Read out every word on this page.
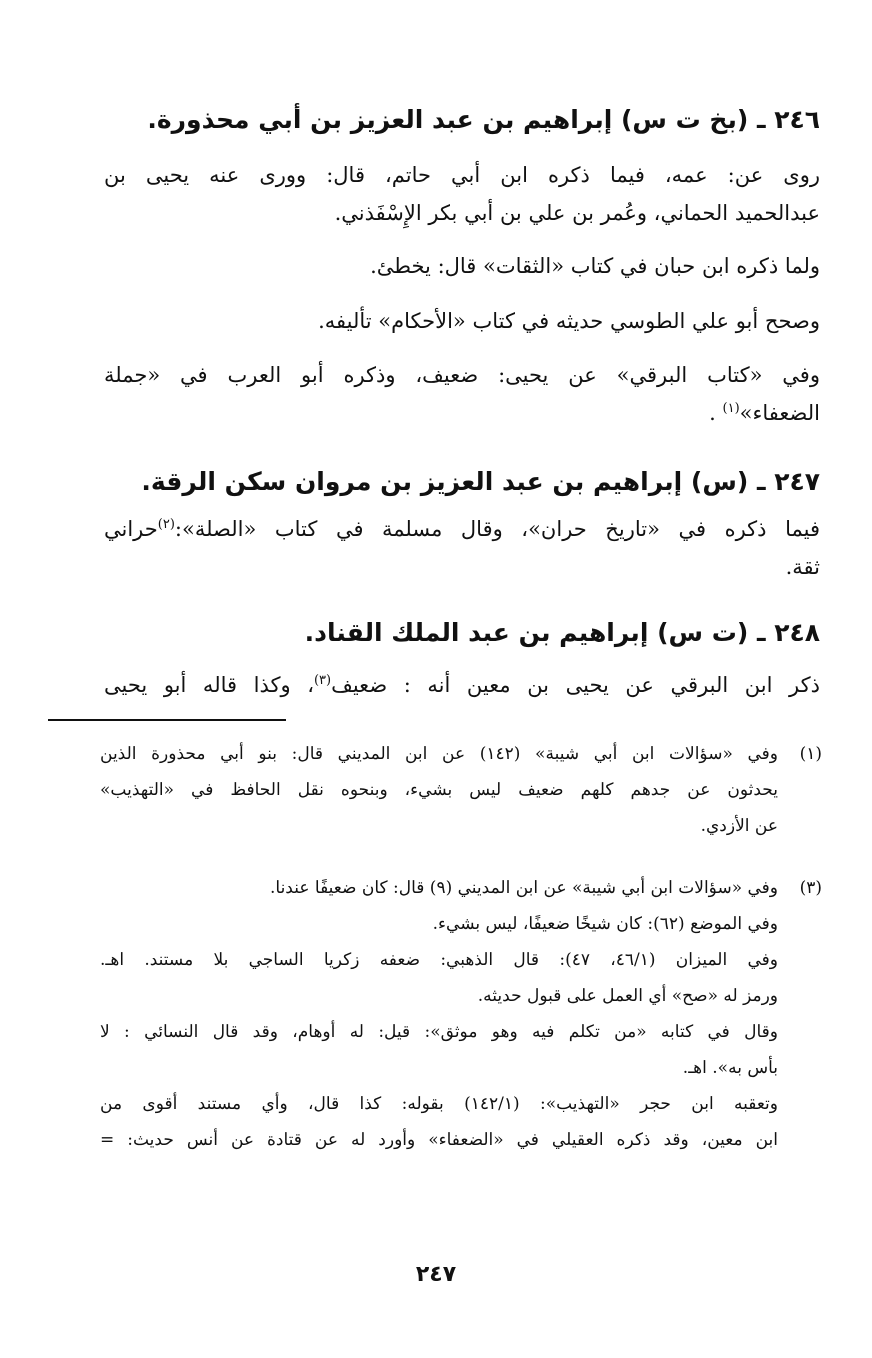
٢٤٦ ـ (بخ ت س) إبراهيم بن عبد العزيز بن أبي محذورة.
روى عن: عمه، فيما ذكره ابن أبي حاتم، قال: وورى عنه يحيى بن
عبدالحميد الحماني، وعُمر بن علي بن أبي بكر الإِسْفَذني.
ولما ذكره ابن حبان في كتاب «الثقات» قال: يخطئ.
وصحح أبو علي الطوسي حديثه في كتاب «الأحكام» تأليفه.
وفي «كتاب البرقي» عن يحيى: ضعيف، وذكره أبو العرب في «جملة
الضعفاء»$^{(١)}$ .
٢٤٧ ـ (س) إبراهيم بن عبد العزيز بن مروان سكن الرقة.
فيما ذكره في «تاريخ حران»، وقال مسلمة في كتاب «الصلة»:$^{(٢)}$حراني
ثقة.
٢٤٨ ـ (ت س) إبراهيم بن عبد الملك القناد.
ذكر ابن البرقي عن يحيى بن معين أنه : ضعيف$^{(٣)}$، وكذا قاله أبو يحيى
(١)
وفي «سؤالات ابن أبي شيبة» (١٤٢) عن ابن المديني قال: بنو أبي محذورة الذين
يحدثون عن جدهم كلهم ضعيف ليس بشيء، وبنحوه نقل الحافظ في «التهذيب»
عن الأزدي.
(٣)
وفي «سؤالات ابن أبي شيبة» عن ابن المديني (٩) قال: كان ضعيفًا عندنا.
وفي الموضع (٦٢): كان شيخًا ضعيفًا، ليس بشيء.
وفي الميزان (٤٦/١، ٤٧): قال الذهبي: ضعفه زكريا الساجي بلا مستند. اهـ.
ورمز له «صح» أي العمل على قبول حديثه.
وقال في كتابه «من تكلم فيه وهو موثق»: قيل: له أوهام، وقد قال النسائي : لا
بأس به». اهـ.
وتعقبه ابن حجر «التهذيب»: (١٤٢/١) بقوله: كذا قال، وأي مستند أقوى من
ابن معين، وقد ذكره العقيلي في «الضعفاء» وأورد له عن قتادة عن أنس حديث: =
٢٤٧
